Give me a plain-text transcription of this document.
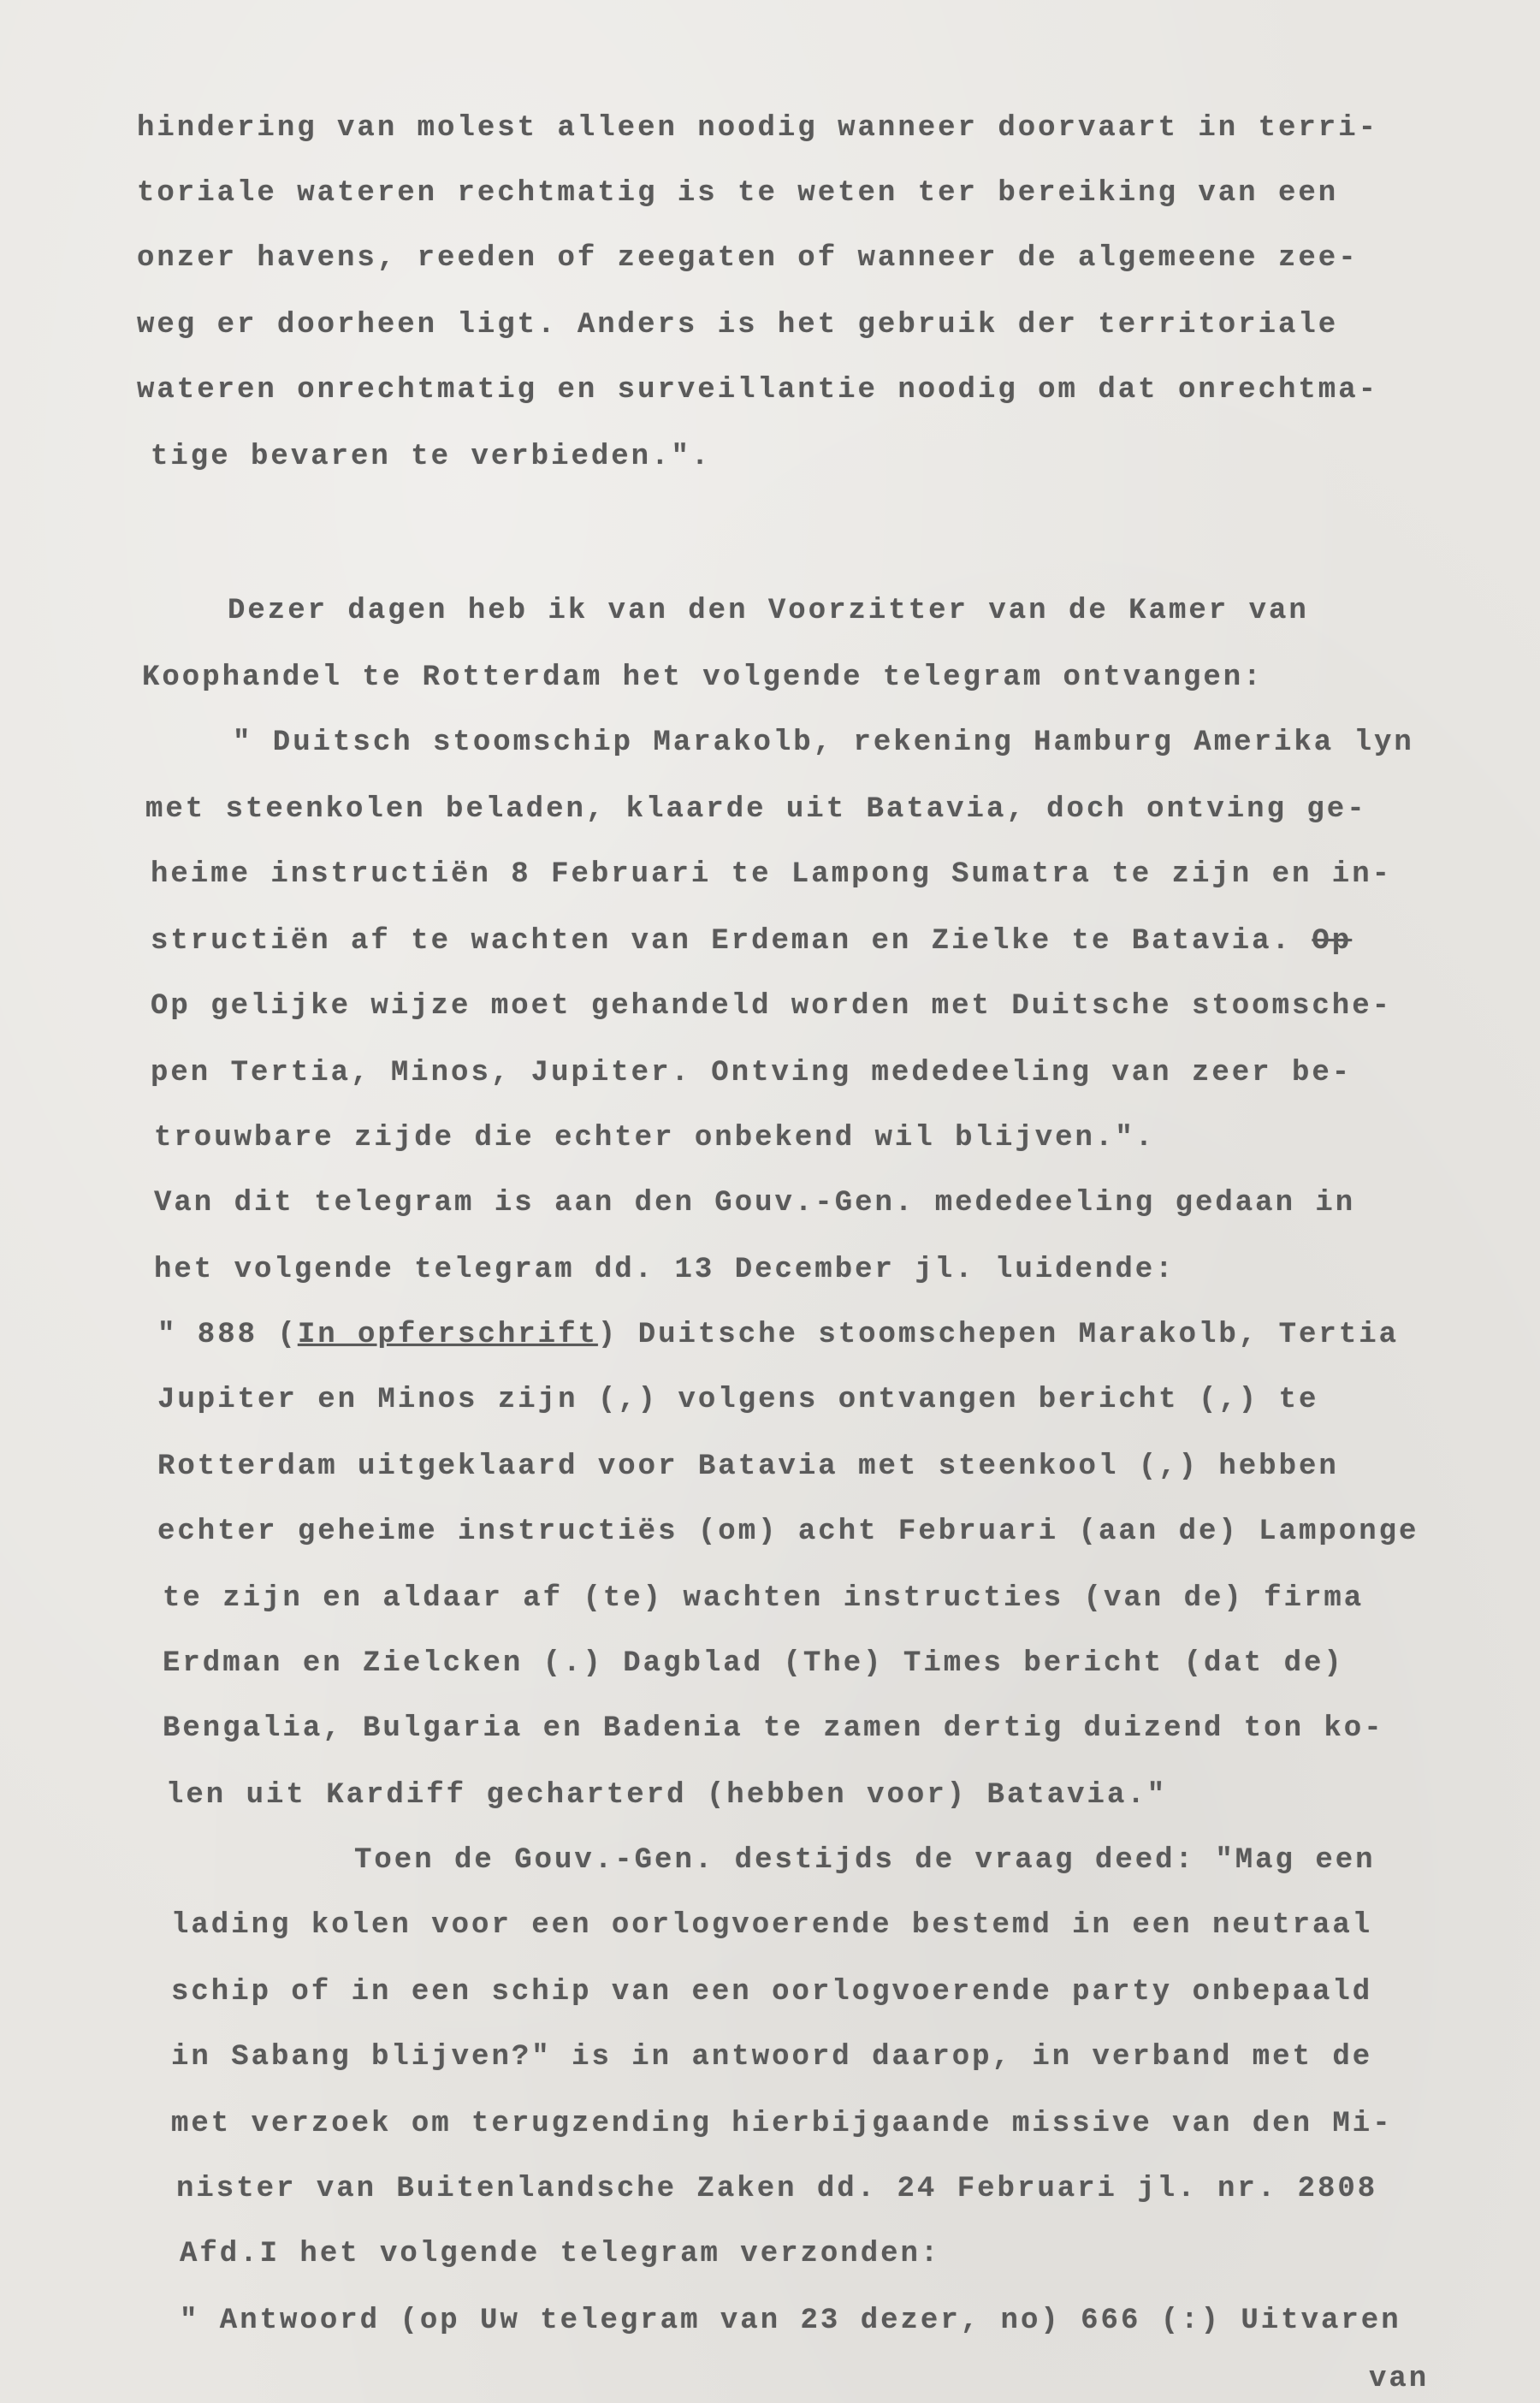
hindering van molest alleen noodig wanneer doorvaart in terri-
toriale wateren rechtmatig is te weten ter bereiking van een
onzer havens, reeden of zeegaten of wanneer de algemeene zee-
weg er doorheen ligt. Anders is het gebruik der territoriale
wateren onrechtmatig en surveillantie noodig om dat onrechtma-
tige bevaren te verbieden.".
Dezer dagen heb ik van den Voorzitter van de Kamer van
Koophandel te Rotterdam het volgende telegram ontvangen:
" Duitsch stoomschip Marakolb, rekening Hamburg Amerika lyn
met steenkolen beladen, klaarde uit Batavia, doch ontving ge-
heime instructiën 8 Februari te Lampong Sumatra te zijn en in-
structiën af te wachten van Erdeman en Zielke te Batavia. Op
Op gelijke wijze moet gehandeld worden met Duitsche stoomsche-
pen Tertia, Minos, Jupiter. Ontving mededeeling van zeer be-
trouwbare zijde die echter onbekend wil blijven.".
Van dit telegram is aan den Gouv.-Gen. mededeeling gedaan in
het volgende telegram dd. 13 December jl. luidende:
" 888 (In opferschrift) Duitsche stoomschepen Marakolb, Tertia
Jupiter en Minos zijn (,) volgens ontvangen bericht (,) te
Rotterdam uitgeklaard voor Batavia met steenkool (,) hebben
echter geheime instructiës (om) acht Februari (aan de) Lamponge
te zijn en aldaar af (te) wachten instructies (van de) firma
Erdman en Zielcken (.) Dagblad (The) Times bericht (dat de)
Bengalia, Bulgaria en Badenia te zamen dertig duizend ton ko-
len uit Kardiff gecharterd (hebben voor) Batavia."
Toen de Gouv.-Gen. destijds de vraag deed: "Mag een
lading kolen voor een oorlogvoerende bestemd in een neutraal
schip of in een schip van een oorlogvoerende party onbepaald
in Sabang blijven?" is in antwoord daarop, in verband met de
met verzoek om terugzending hierbijgaande missive van den Mi-
nister van Buitenlandsche Zaken dd. 24 Februari jl. nr. 2808
Afd.I het volgende telegram verzonden:
" Antwoord (op Uw telegram van 23 dezer, no) 666 (:) Uitvaren
van
